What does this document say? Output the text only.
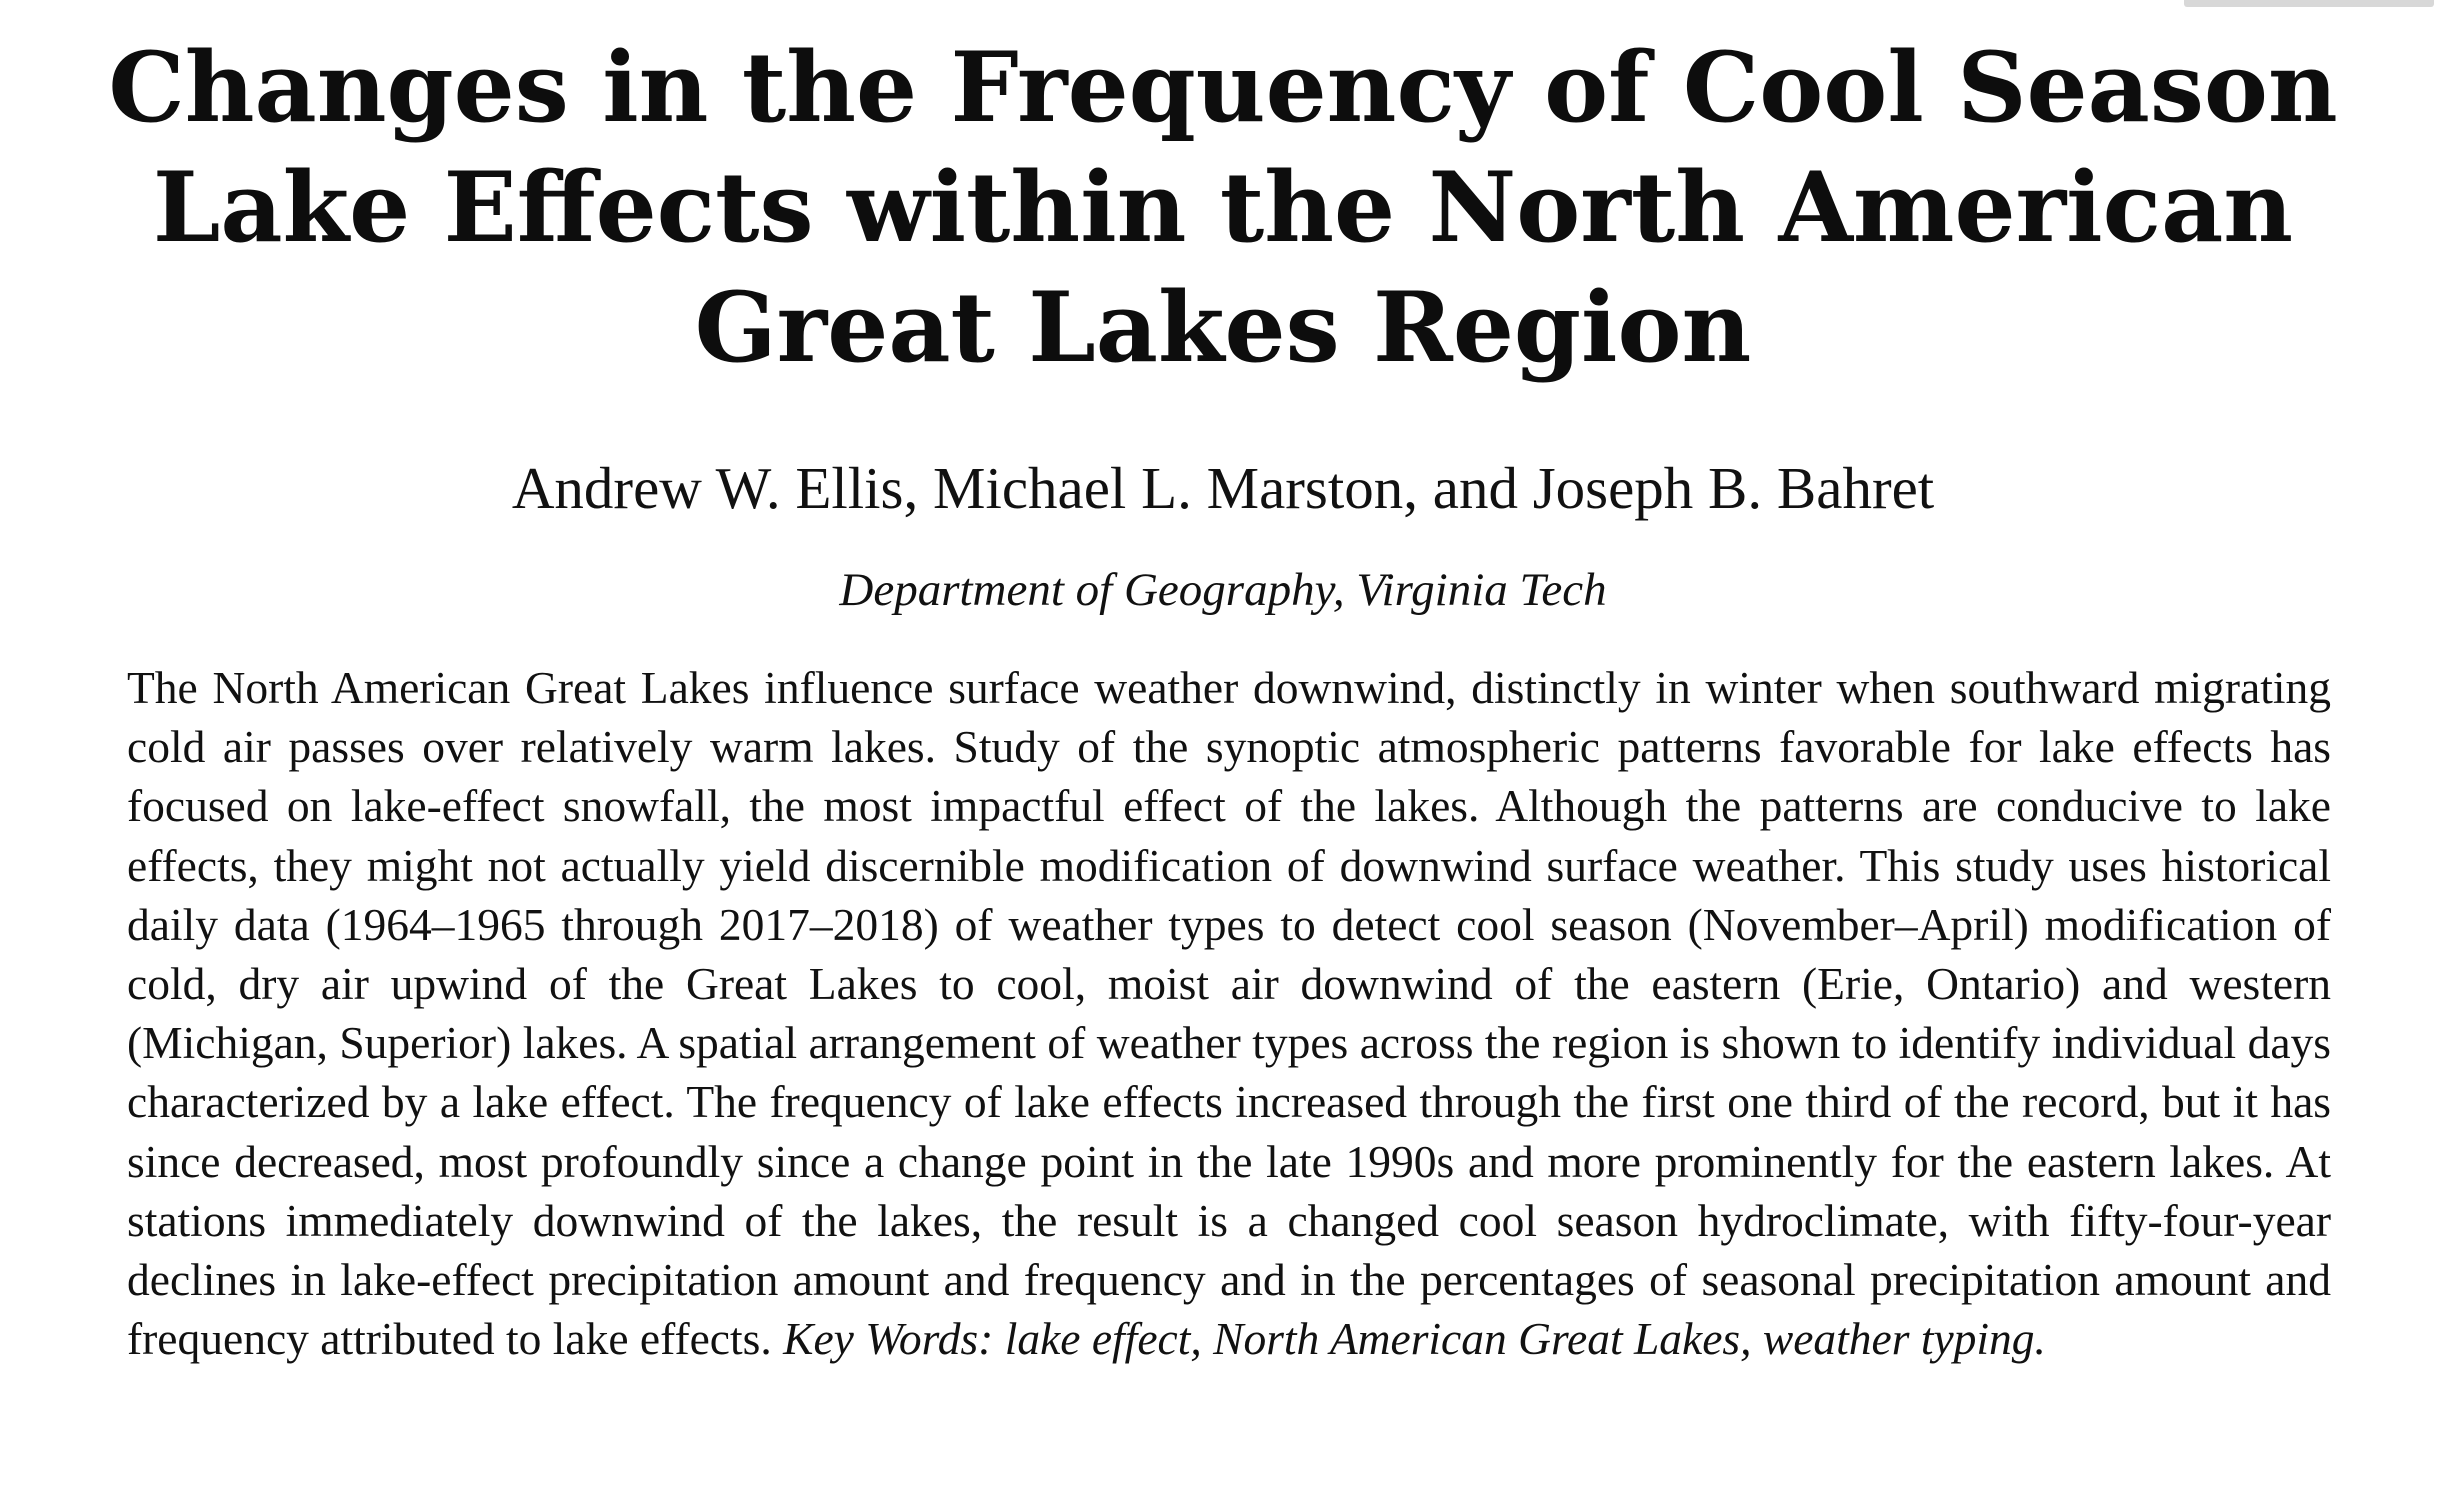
Changes in the Frequency of Cool Season Lake Effects within the North American Great Lakes Region
Andrew W. Ellis, Michael L. Marston, and Joseph B. Bahret
Department of Geography, Virginia Tech

The North American Great Lakes influence surface weather downwind, distinctly in winter when southward migrating cold air passes over relatively warm lakes. Study of the synoptic atmospheric patterns favorable for lake effects has focused on lake-effect snowfall, the most impactful effect of the lakes. Although the patterns are conducive to lake effects, they might not actually yield discernible modification of downwind surface weather. This study uses historical daily data (1964–1965 through 2017–2018) of weather types to detect cool season (November–April) modification of cold, dry air upwind of the Great Lakes to cool, moist air downwind of the eastern (Erie, Ontario) and western (Michigan, Superior) lakes. A spatial arrangement of weather types across the region is shown to identify individual days characterized by a lake effect. The frequency of lake effects increased through the first one third of the record, but it has since decreased, most profoundly since a change point in the late 1990s and more prominently for the eastern lakes. At stations immediately downwind of the lakes, the result is a changed cool season hydroclimate, with fifty-four-year declines in lake-effect precipitation amount and frequency and in the percentages of seasonal precipitation amount and frequency attributed to lake effects. Key Words: lake effect, North American Great Lakes, weather typing.
